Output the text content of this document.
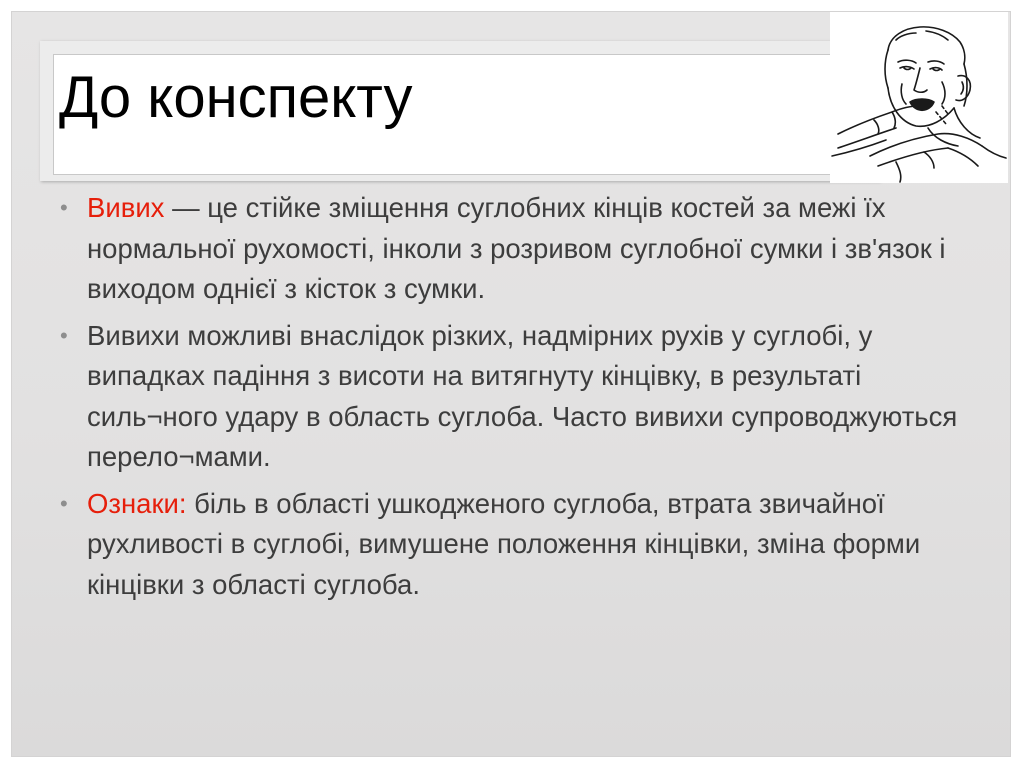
До конспекту
• Вивих — це стійке зміщення суглобних кінців костей за межі їх нормальної рухомості, інколи з розривом суглобної сумки і зв'язок і виходом однієї з кісток з сумки.
• Вивихи можливі внаслідок різких, надмірних рухів у суглобі, у випадках падіння з висоти на витягнуту кінцівку, в результаті силь¬ного удару в область суглоба. Часто вивихи супроводжуються перело¬мами.
• Ознаки: біль в області ушкодженого суглоба, втрата звичайної рухливості в суглобі, вимушене положення кінцівки, зміна форми кінцівки з області суглоба.
